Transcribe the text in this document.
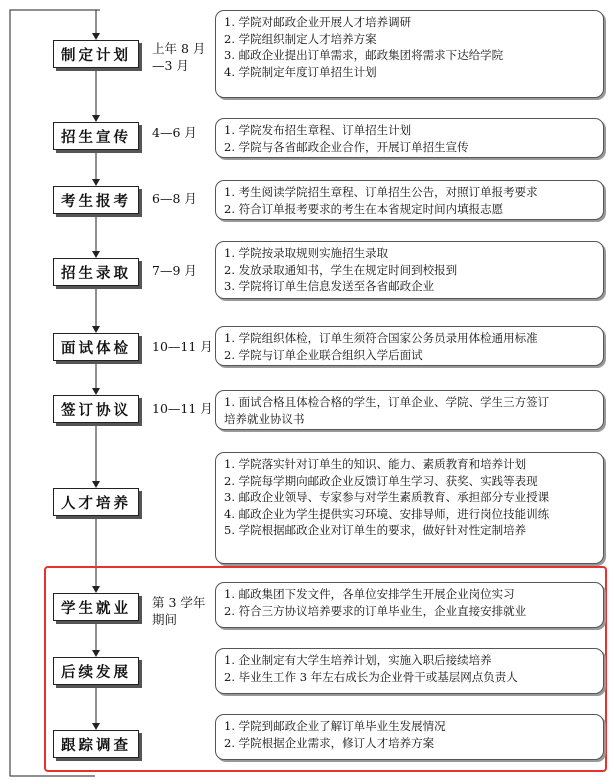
制定计划 上年 8 月—3 月
1. 学院对邮政企业开展人才培养调研
2. 学院组织制定人才培养方案
3. 邮政企业提出订单需求，邮政集团将需求下达给学院
4. 学院制定年度订单招生计划
招生宣传 4—6 月	1. 学院发布招生章程、订单招生计划
2. 学院与各省邮政企业合作，开展订单招生宣传
考生报考 6—8 月	1. 考生阅读学院招生章程、订单招生公告，对照订单报考要求
2. 符合订单报考要求的考生在本省规定时间内填报志愿
招生录取 7—9 月
1. 学院按录取规则实施招生录取
2. 发放录取通知书，学生在规定时间到校报到
3. 学院将订单生信息发送至各省邮政企业
面试体检 10—11 月
1. 学院组织体检，订单生须符合国家公务员录用体检通用标准
2. 学院与订单企业联合组织入学后面试
签订协议 10—11 月 1. 面试合格且体检合格的学生，订单企业、学院、学生三方签订
培养就业协议书
人才培养
1. 学院落实针对订单生的知识、能力、素质教育和培养计划
2. 学院每学期向邮政企业反馈订单生学习、获奖、实践等表现
3. 邮政企业领导、专家参与对学生素质教育、承担部分专业授课
4. 邮政企业为学生提供实习环境、安排导师，进行岗位技能训练
5. 学院根据邮政企业对订单生的要求，做好针对性定制培养
学生就业 第 3 学年期间
1. 邮政集团下发文件，各单位安排学生开展企业岗位实习
2. 符合三方协议培养要求的订单毕业生，企业直接安排就业
后续发展
1. 企业制定有大学生培养计划，实施入职后接续培养
2. 毕业生工作 3 年左右成长为企业骨干或基层网点负责人
跟踪调查
1. 学院到邮政企业了解订单毕业生发展情况
2. 学院根据企业需求，修订人才培养方案
